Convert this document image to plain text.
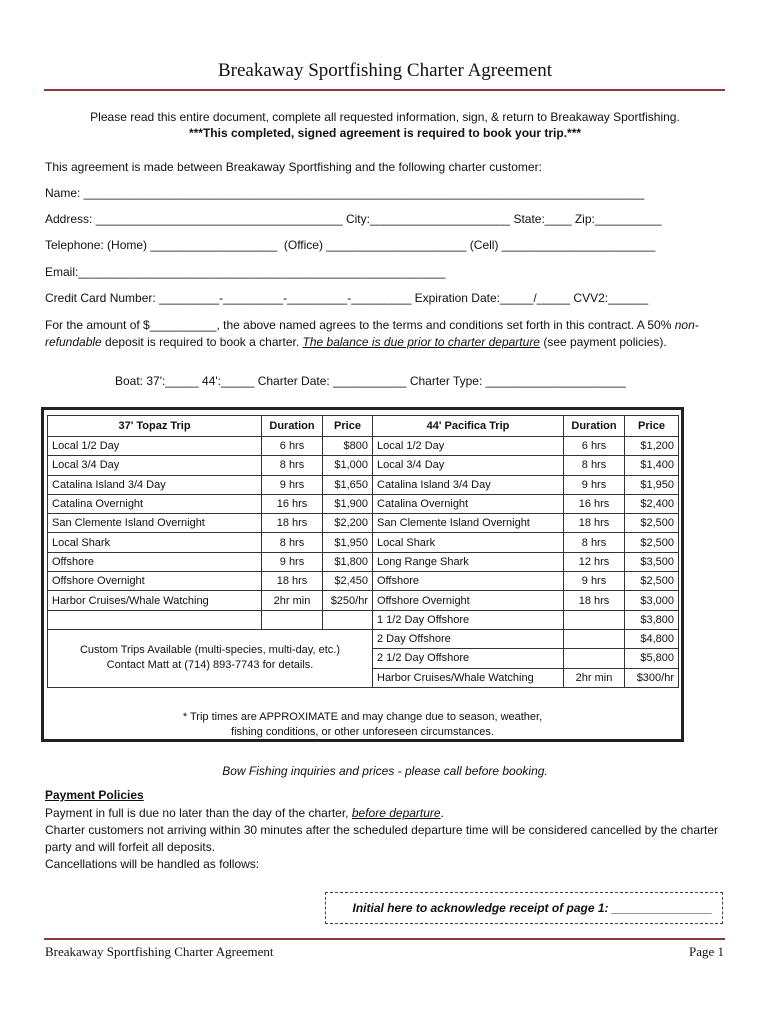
Breakaway Sportfishing Charter Agreement
Please read this entire document, complete all requested information, sign, & return to Breakaway Sportfishing.
***This completed, signed agreement is required to book your trip.***
This agreement is made between Breakaway Sportfishing and the following charter customer:
Name: ____________________________________________________________________________________
Address: _____________________________________ City:_____________________ State:____ Zip:__________
Telephone: (Home) ___________________  (Office) _____________________ (Cell) _______________________
Email:_______________________________________________________
Credit Card Number: _________-_________-_________-_________ Expiration Date:_____/_____ CVV2:______
For the amount of $__________, the above named agrees to the terms and conditions set forth in this contract. A 50% non-refundable deposit is required to book a charter. The balance is due prior to charter departure (see payment policies).
Boat: 37':_____ 44':_____ Charter Date: ___________ Charter Type: _____________________
37' Topaz Trip	Duration	Price	44' Pacifica Trip	Duration	Price
Local 1/2 Day	6 hrs	$800	Local 1/2 Day	6 hrs	$1,200
Local 3/4 Day	8 hrs	$1,000	Local 3/4 Day	8 hrs	$1,400
Catalina Island 3/4 Day	9 hrs	$1,650	Catalina Island 3/4 Day	9 hrs	$1,950
Catalina Overnight	16 hrs	$1,900	Catalina Overnight	16 hrs	$2,400
San Clemente Island Overnight	18 hrs	$2,200	San Clemente Island Overnight	18 hrs	$2,500
Local Shark	8 hrs	$1,950	Local Shark	8 hrs	$2,500
Offshore	9 hrs	$1,800	Long Range Shark	12 hrs	$3,500
Offshore Overnight	18 hrs	$2,450	Offshore	9 hrs	$2,500
Harbor Cruises/Whale Watching	2hr min	$250/hr	Offshore Overnight	18 hrs	$3,000
			1 1/2 Day Offshore		$3,800

Custom Trips Available (multi-species, multi-day, etc.)
Contact Matt at (714) 893-7743 for details.			2 Day Offshore		$4,800
			2 1/2 Day Offshore		$5,800
			Harbor Cruises/Whale Watching	2hr min	$300/hr
* Trip times are APPROXIMATE and may change due to season, weather,
fishing conditions, or other unforeseen circumstances.
Bow Fishing inquiries and prices - please call before booking.
Payment Policies
Payment in full is due no later than the day of the charter, before departure.
Charter customers not arriving within 30 minutes after the scheduled departure time will be considered cancelled by the charter party and will forfeit all deposits.
Cancellations will be handled as follows:
Initial here to acknowledge receipt of page 1: _______________
Breakaway Sportfishing Charter Agreement	Page 1
